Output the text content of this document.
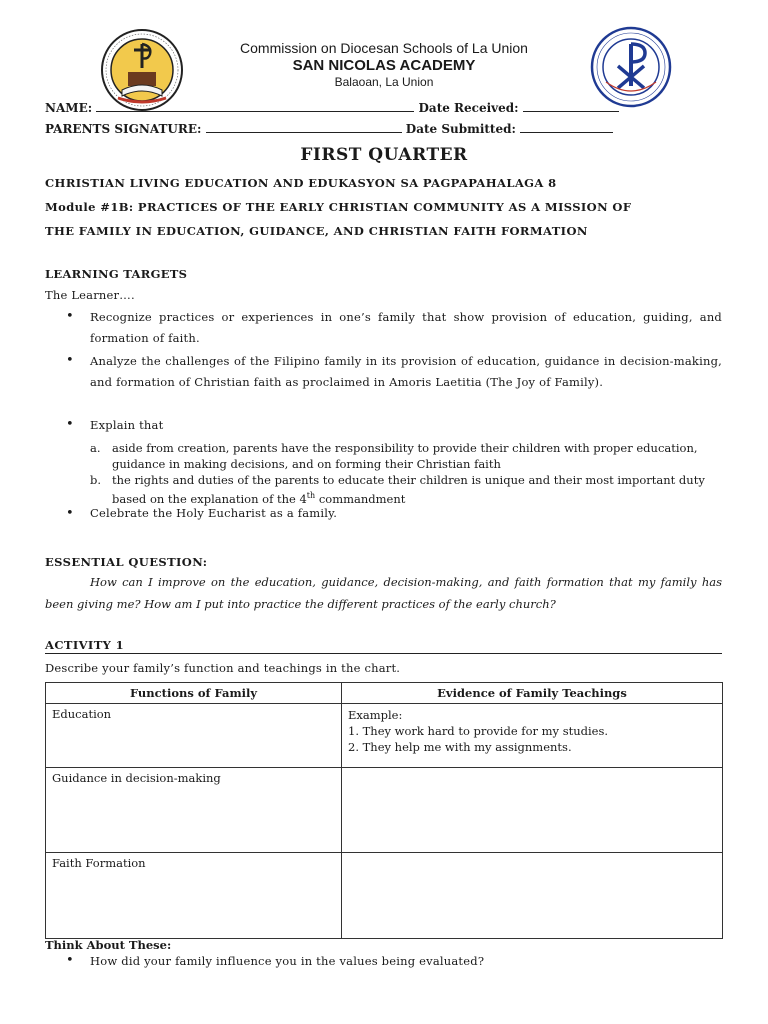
Commission on Diocesan Schools of La Union
SAN NICOLAS ACADEMY
Balaoan, La Union
NAME:	Date Received:
PARENTS SIGNATURE:	Date Submitted:
FIRST QUARTER
CHRISTIAN LIVING EDUCATION AND EDUKASYON SA PAGPAPAHALAGA 8
Module #1B: PRACTICES OF THE EARLY CHRISTIAN COMMUNITY AS A MISSION OF
THE FAMILY IN EDUCATION, GUIDANCE, AND CHRISTIAN FAITH FORMATION
LEARNING TARGETS
The Learner….
• Recognize practices or experiences in one’s family that show provision of education, guiding, and formation of faith.
• Analyze the challenges of the Filipino family in its provision of education, guidance in decision-making, and formation of Christian faith as proclaimed in Amoris Laetitia (The Joy of Family).
• Explain that
a. aside from creation, parents have the responsibility to provide their children with proper education, guidance in making decisions, and on forming their Christian faith
b. the rights and duties of the parents to educate their children is unique and their most important duty based on the explanation of the 4th commandment
• Celebrate the Holy Eucharist as a family.
ESSENTIAL QUESTION:
How can I improve on the education, guidance, decision-making, and faith formation that my family has been giving me? How am I put into practice the different practices of the early church?
ACTIVITY 1
Describe your family’s function and teachings in the chart.
Functions of Family	Evidence of Family Teachings
Education	Example:
1. They work hard to provide for my studies.
2. They help me with my assignments.

Guidance in decision-making	
Faith Formation	
Think About These:
• How did your family influence you in the values being evaluated?
